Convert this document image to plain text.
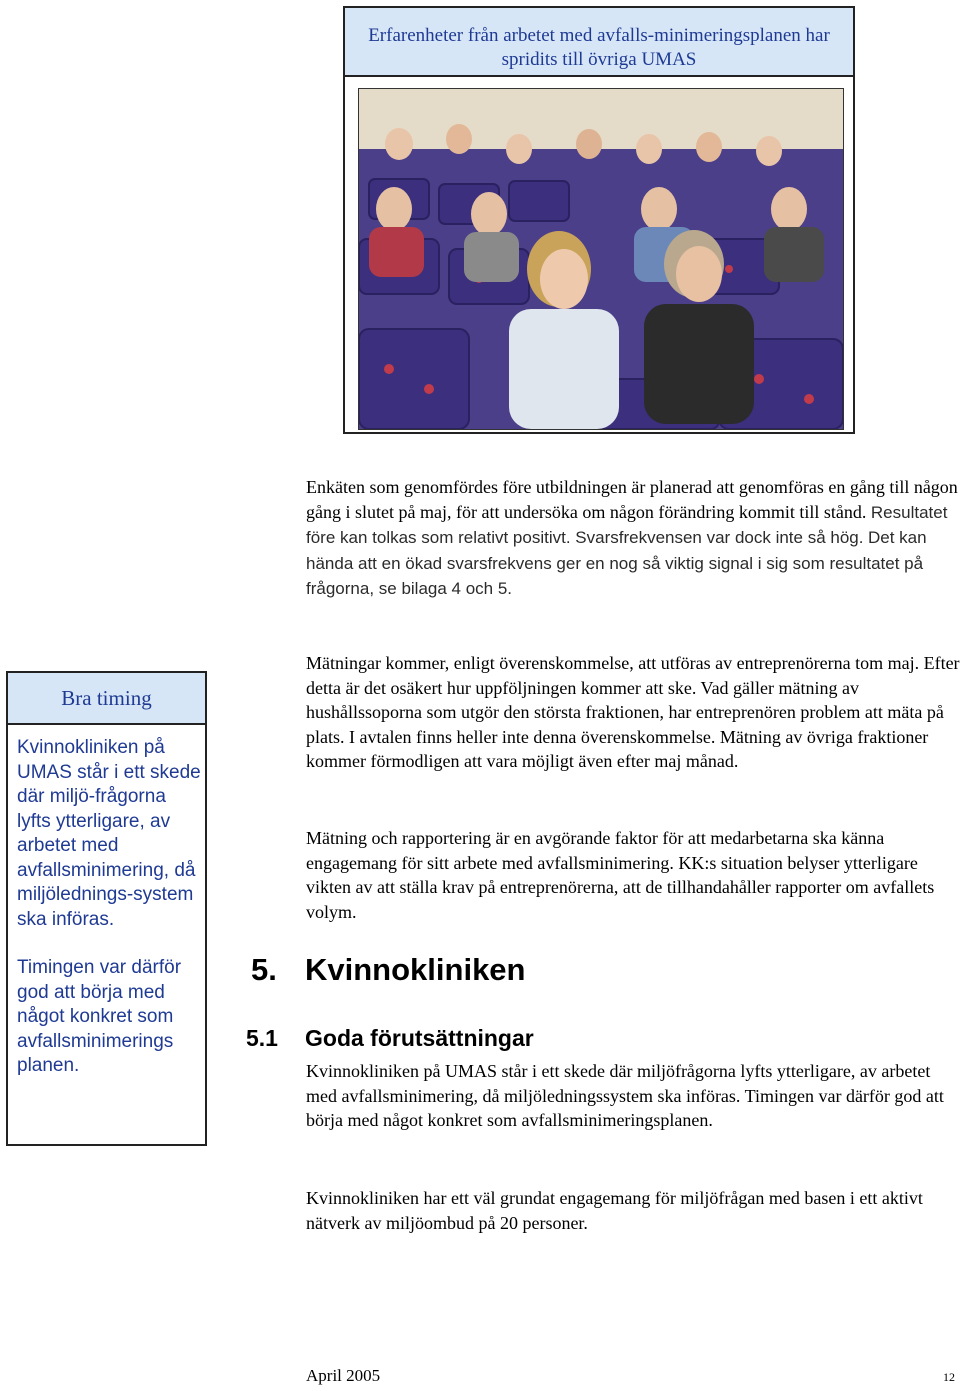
Erfarenheter från arbetet med avfalls-minimeringsplanen har spridits till övriga UMAS
Enkäten som genomfördes före utbildningen är planerad att genomföras en gång till någon gång i slutet på maj, för att undersöka om någon förändring kommit till stånd. Resultatet före kan tolkas som relativt positivt. Svarsfrekvensen var dock inte så hög. Det kan hända att en ökad svarsfrekvens ger en nog så viktig signal i sig som resultatet på frågorna, se bilaga 4 och 5.
Mätningar kommer, enligt överenskommelse, att utföras av entreprenörerna tom maj. Efter detta är det osäkert hur uppföljningen kommer att ske. Vad gäller mätning av hushållssoporna som utgör den största fraktionen, har entreprenören problem att mäta på plats. I avtalen finns heller inte denna överenskommelse. Mätning av övriga fraktioner kommer förmodligen att vara möjligt även efter maj månad.
Mätning och rapportering är en avgörande faktor för att medarbetarna ska känna engagemang för sitt arbete med avfallsminimering. KK:s situation belyser ytterligare vikten av att ställa krav på entreprenörerna, att de tillhandahåller rapporter om avfallets volym.
Bra timing
Kvinnokliniken på UMAS står i ett skede där miljö-frågorna lyfts ytterligare, av arbetet med avfallsminimering, då miljölednings-system ska införas.
Timingen var därför god att börja med något konkret som avfallsminimerings planen.
5. Kvinnokliniken
5.1 Goda förutsättningar
Kvinnokliniken på UMAS står i ett skede där miljöfrågorna lyfts ytterligare, av arbetet med avfallsminimering, då miljöledningssystem ska införas. Timingen var därför god att börja med något konkret som avfallsminimeringsplanen.
Kvinnokliniken har ett väl grundat engagemang för miljöfrågan med basen i ett aktivt nätverk av miljöombud på 20 personer.
April 2005	12
